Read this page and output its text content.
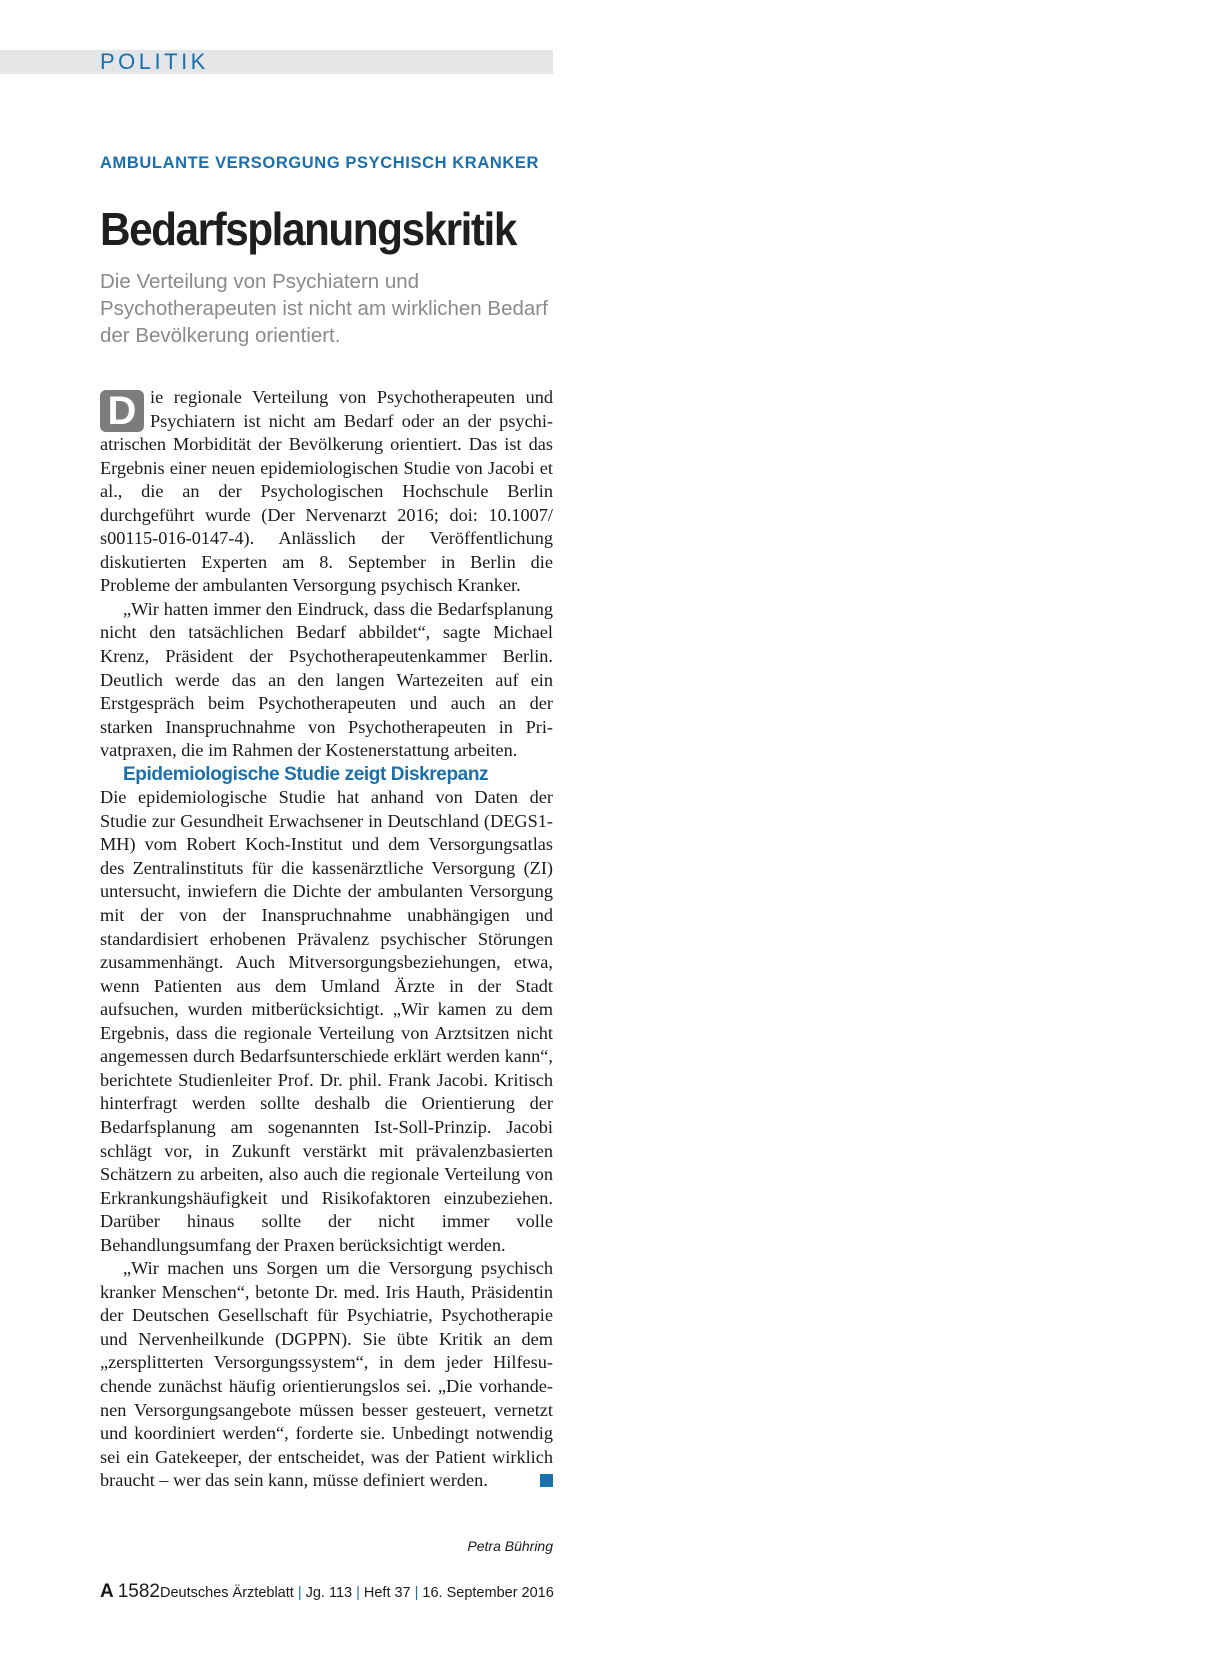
POLITIK
AMBULANTE VERSORGUNG PSYCHISCH KRANKER
Bedarfsplanungskritik
Die Verteilung von Psychiatern und Psychotherapeuten ist nicht am wirklichen Bedarf der Bevölkerung orientiert.

D ie regionale Verteilung von Psychotherapeuten und Psychiatern ist nicht am Bedarf oder an der psychiatrischen Morbidität der Bevölkerung orientiert. Das ist das Ergebnis einer neuen epidemiologischen Studie von Jacobi et al., die an der Psychologischen Hochschule Berlin durchgeführt wurde (Der Nervenarzt 2016; doi: 10.1007/ s00115-016-0147-4). Anlässlich der Veröffentlichung diskutierten Experten am 8. September in Berlin die Probleme der ambulanten Versorgung psychisch Kranker.

„Wir hatten immer den Eindruck, dass die Bedarfsplanung nicht den tatsächlichen Bedarf abbildet“, sagte Michael Krenz, Präsident der Psychotherapeutenkammer Berlin. Deutlich werde das an den langen Wartezeiten auf ein Erstgespräch beim Psychotherapeuten und auch an der starken Inanspruchnahme von Psychotherapeuten in Privatpraxen, die im Rahmen der Kostenerstattung arbeiten.

Epidemiologische Studie zeigt Diskrepanz

Die epidemiologische Studie hat anhand von Daten der Studie zur Gesundheit Erwachsener in Deutschland (DEGS1-MH) vom Robert Koch-Institut und dem Versorgungsatlas des Zentralinstituts für die kassenärztliche Versorgung (ZI) untersucht, inwiefern die Dichte der ambulanten Versorgung mit der von der Inanspruchnahme unabhängigen und standardisiert erhobenen Prävalenz psychischer Störungen zusammenhängt. Auch Mitversorgungsbeziehungen, etwa, wenn Patienten aus dem Umland Ärzte in der Stadt aufsuchen, wurden mitberücksichtigt. „Wir kamen zu dem Ergebnis, dass die regionale Verteilung von Arztsitzen nicht angemessen durch Bedarfsunterschiede erklärt werden kann“, berichtete Studienleiter Prof. Dr. phil. Frank Jacobi. Kritisch hinterfragt werden sollte deshalb die Orientierung der Bedarfsplanung am sogenannten Ist-Soll-Prinzip. Jacobi schlägt vor, in Zukunft verstärkt mit prävalenzbasierten Schätzern zu arbeiten, also auch die regionale Verteilung von Erkrankungshäufigkeit und Risikofaktoren einzubeziehen. Darüber hinaus sollte der nicht immer volle Behandlungsumfang der Praxen berücksichtigt werden.

„Wir machen uns Sorgen um die Versorgung psychisch kranker Menschen“, betonte Dr. med. Iris Hauth, Präsidentin der Deutschen Gesellschaft für Psychiatrie, Psychotherapie und Nervenheilkunde (DGPPN). Sie übte Kritik an dem „zersplitterten Versorgungssystem“, in dem jeder Hilfesuchende zunächst häufig orientierungslos sei. „Die vorhandenen Versorgungsangebote müssen besser gesteuert, vernetzt und koordiniert werden“, forderte sie. Unbedingt notwendig sei ein Gatekeeper, der entscheidet, was der Patient wirklich braucht – wer das sein kann, müsse definiert werden.

Petra Bühring
A 1582 Deutsches Ärzteblatt | Jg. 113 | Heft 37 | 16. September 2016
